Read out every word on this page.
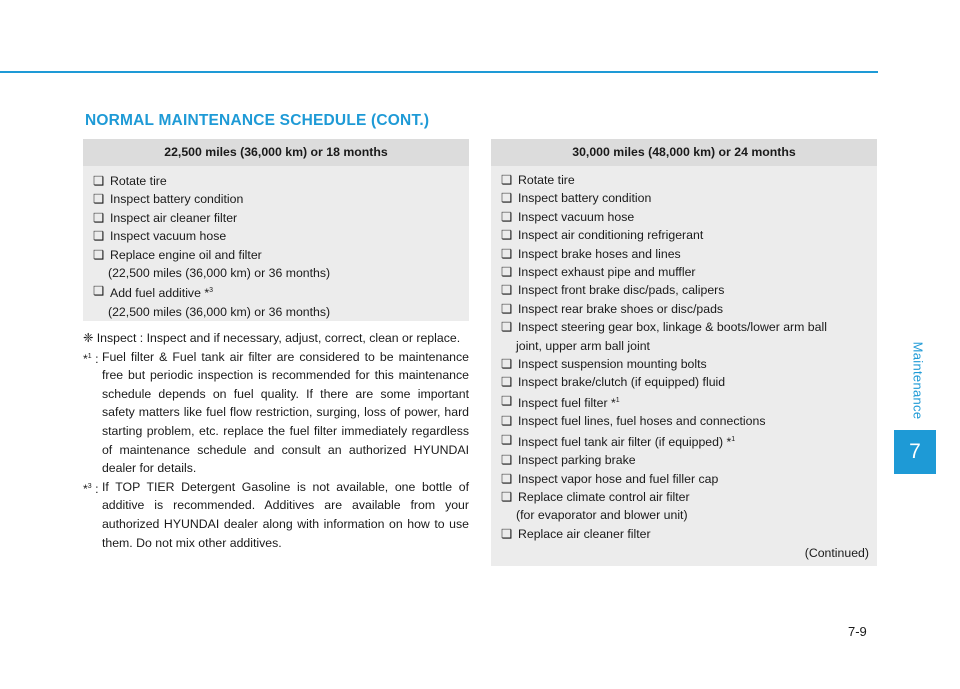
Maintenance
7
NORMAL MAINTENANCE SCHEDULE (CONT.)
22,500 miles (36,000 km) or 18 months
❏ Rotate tire
❏ Inspect battery condition
❏ Inspect air cleaner filter
❏ Inspect vacuum hose
❏ Replace engine oil and filter
(22,500 miles (36,000 km) or 36 months)
❏ Add fuel additive *$^3$
(22,500 miles (36,000 km) or 36 months)
30,000 miles (48,000 km) or 24 months
❏ Rotate tire
❏ Inspect battery condition
❏ Inspect vacuum hose
❏ Inspect air conditioning refrigerant
❏ Inspect brake hoses and lines
❏ Inspect exhaust pipe and muffler
❏ Inspect front brake disc/pads, calipers
❏ Inspect rear brake shoes or disc/pads
❏ Inspect steering gear box, linkage & boots/lower arm ball
joint, upper arm ball joint
❏ Inspect suspension mounting bolts
❏ Inspect brake/clutch (if equipped) fluid
❏ Inspect fuel filter *$^1$
❏ Inspect fuel lines, fuel hoses and connections
❏ Inspect fuel tank air filter (if equipped) *$^1$
❏ Inspect parking brake
❏ Inspect vapor hose and fuel filler cap
❏ Replace climate control air filter
(for evaporator and blower unit)
❏ Replace air cleaner filter
(Continued)
❈ Inspect :
Inspect and if necessary, adjust, correct, clean or replace.
*$^1$ : Fuel filter & Fuel tank air filter are considered to be maintenance free but periodic inspection is recommended for this maintenance schedule depends on fuel quality. If there are some important safety matters like fuel flow restriction, surging, loss of power, hard starting problem, etc. replace the fuel filter immediately regardless of maintenance schedule and consult an authorized HYUNDAI dealer for details.
*$^3$ : If TOP TIER Detergent Gasoline is not available, one bottle of additive is recommended. Additives are available from your authorized HYUNDAI dealer along with information on how to use them. Do not mix other additives.
7-9
